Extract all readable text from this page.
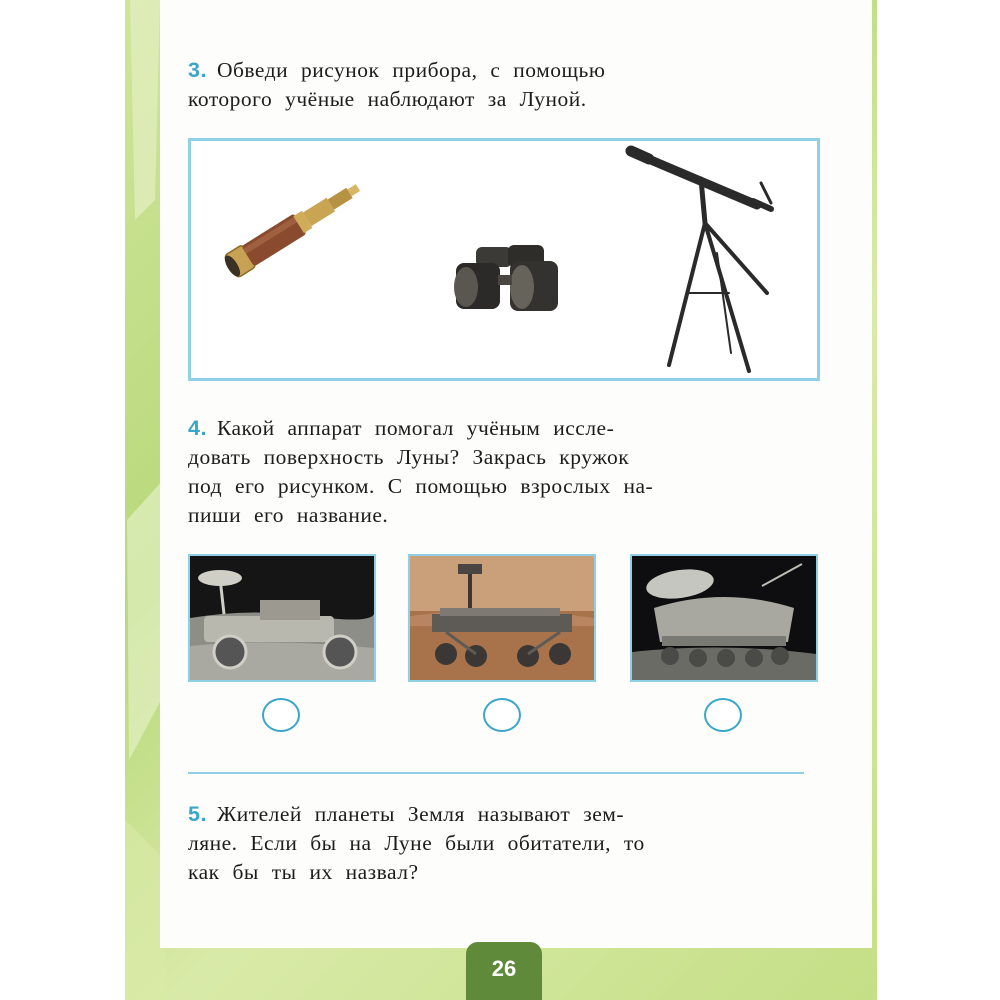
3. Обведи рисунок прибора, с помощью

которого учёные наблюдают за Луной.

4. Какой аппарат помогал учёным иссле-

довать поверхность Луны? Закрась кружок

под его рисунком. С помощью взрослых на-

пиши его название.

5. Жителей планеты Земля называют зем-

ляне. Если бы на Луне были обитатели, то

как бы ты их назвал?

26
